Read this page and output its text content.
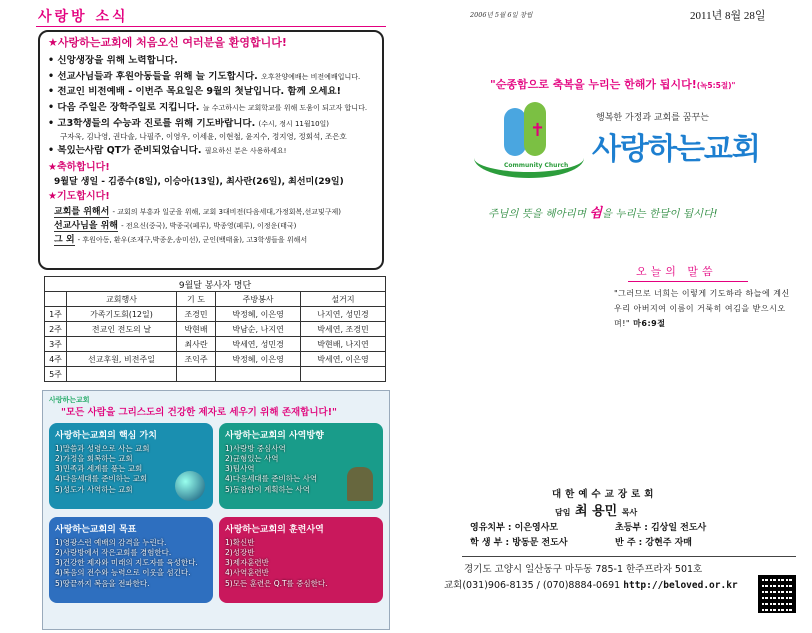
사랑방 소식
★사랑하는교회에 처음오신 여러분을 환영합니다!
• 신앙생장을 위해 노력합니다.
• 선교사님들과 후원아동들을 위해 늘 기도합시다. 오후찬양예배는 비전예배입니다.
• 전교인 비전예배 - 이번주 목요일은 9월의 첫날입니다. 함께 오세요!
• 다음 주일은 장학주일로 지킵니다. 늘 수고하시는 교회학교를 위해 도움이 되고자 합니다.
• 고3학생들의 수능과 진로를 위해 기도바랍니다. (수시, 정시 11월10일)
구자욱, 김나영, 권다솔, 나필주, 이영우, 이세윤, 이현철, 윤지수, 정지영, 정회석, 조은호
• 복있는사람 QT가 준비되었습니다. 필요하신 분은 사용하세요!
★축하합니다!
9월달 생일 - 김종수(8일), 이승아(13일), 최사란(26일), 최선미(29일)
★기도합시다!
교회를 위해서 - 교회의 부흥과 일군을 위해, 교회 3대비전(다음세대,가정회복,선교및구제)
선교사님을 위해 - 전요신(중국), 박종국(페루), 박종영(페루), 이정운(태국)
그 외 - 후원아동, 환우(조재구,박종운,송미선), 군인(백태율), 고3학생들을 위해서
9월달 봉사자 명단				
	교회행사	기 도	주방봉사	설거지
1주	가족기도회(12일)	조경민	박정혜, 이은영	나지연, 성민경
2주	전교인 전도의 날	박현배	박남순, 나지연	박세연, 조경민
3주		최사란	박세연, 성민경	박현배, 나지연
4주	선교후원, 비전주일	조익주	박정혜, 이은영	박세연, 이은영
5주				
사랑하는교회
"모든 사람을 그리스도의 건강한 제자로 세우기 위해 존재합니다!"
사랑하는교회의 핵심 가치
1)말씀과 성령으로 사는 교회
2)가정을 회복하는 교회
3)민족과 세계를 품는 교회
4)다음세대를 준비하는 교회
5)성도가 사역하는 교회
사랑하는교회의 사역방향
1)사랑방 중심사역
2)균형있는 사역
3)팀사역
4)다음세대를 준비하는 사역
5)동참함이 계획하는 사역
사랑하는교회의 목표
1)영광스런 예배의 감격을 누린다.
2)사랑방에서 작은교회를 경험한다.
3)건강한 제자와 미래의 지도자를 육성한다.
4)복음의 전수와 능력으로 이웃을 섬긴다.
5)땅끝까지 복음을 전파한다.
사랑하는교회의 훈련사역
1)확신반
2)성장반
3)제자훈련반
4)사역훈련반
5)모든 훈련은 Q.T를 중심한다.
2006년 5월 6일 창립	2011년 8월 28일
"순종함으로 축복을 누리는 한해가 됩시다!(녹5:5절)"
✝
Community Church
행복한 가정과 교회를 꿈꾸는
사랑하는교회
주님의 뜻을 헤아리며 쉼을 누리는 한달이 됩시다!
오늘의 말씀
"그러므로 너희는 이렇게 기도하라 하늘에 계신 우리 아버지여 이름이 거룩히 여김을 받으시오며!" 마6:9절
대한예수교장로회
담임 최 용민 목사
영유치부 : 이은영사모	초등부 : 김상일 전도사
학 생 부 : 방동문 전도사	반 주 : 강현주 자매
경기도 고양시 일산동구 마두동 785-1 한주프라자 501호
교회(031)906-8135 / (070)8884-0691 http://beloved.or.kr
